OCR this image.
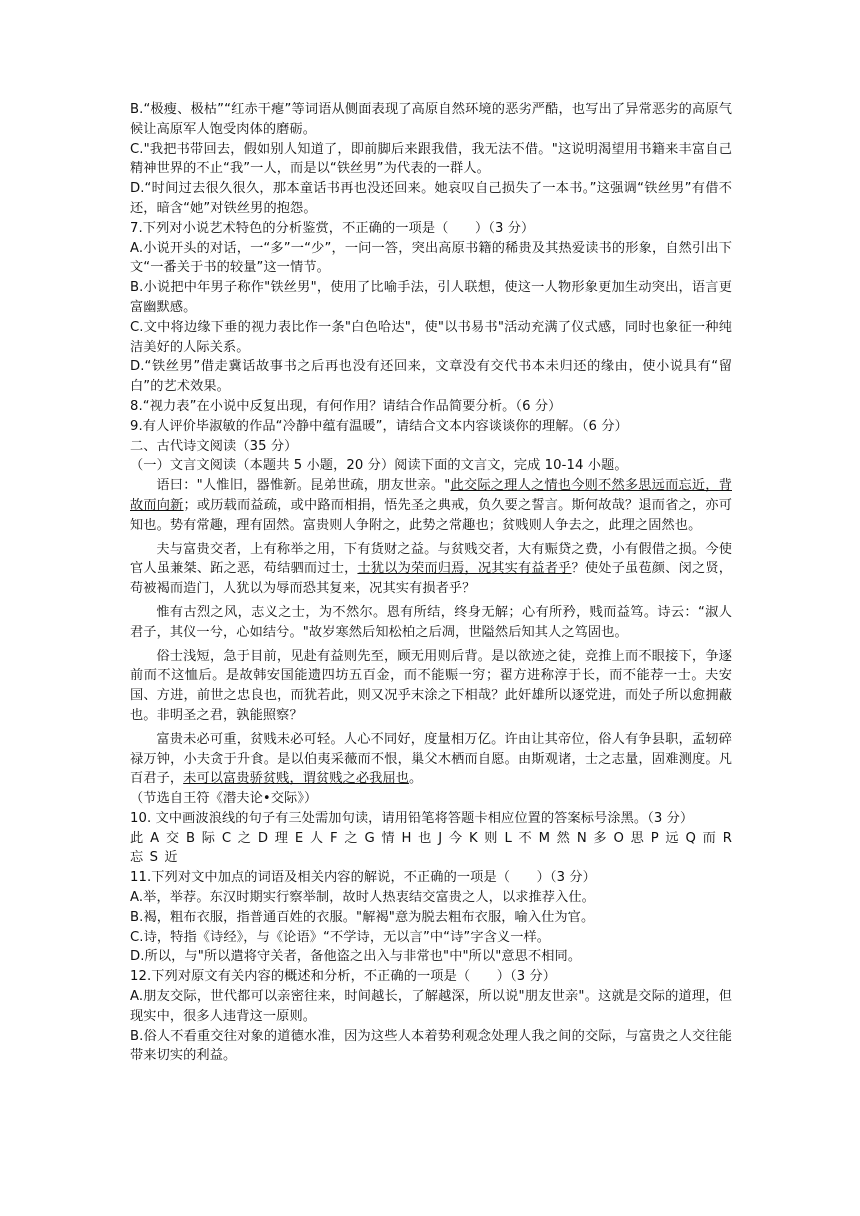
B.“极瘦、极枯”“红赤干瘪”等词语从侧面表现了高原自然环境的恶劣严酷，也写出了异常恶劣的高原气候让高原军人饱受肉体的磨砺。

C."我把书带回去，假如别人知道了，即前脚后来跟我借，我无法不借。"这说明渴望用书籍来丰富自己精神世界的不止“我”一人，而是以“铁丝男”为代表的一群人。

D.“时间过去很久很久，那本童话书再也没还回来。她哀叹自己损失了一本书。”这强调“铁丝男”有借不还，暗含“她”对铁丝男的抱怨。

7.下列对小说艺术特色的分析鉴赏，不正确的一项是（　　）（3 分）

A.小说开头的对话，一“多”一“少”，一问一答，突出高原书籍的稀贵及其热爱读书的形象，自然引出下文“一番关于书的较量”这一情节。

B.小说把中年男子称作"铁丝男"，使用了比喻手法，引人联想，使这一人物形象更加生动突出，语言更富幽默感。

C.文中将边缘下垂的视力表比作一条"白色哈达"，使"以书易书"活动充满了仪式感，同时也象征一种纯洁美好的人际关系。

D.“铁丝男”借走冀话故事书之后再也没有还回来，文章没有交代书本未归还的缘由，使小说具有“留白”的艺术效果。

8.“视力表”在小说中反复出现，有何作用？请结合作品简要分析。（6 分）

9.有人评价毕淑敏的作品“冷静中蕴有温暖”，请结合文本内容谈谈你的理解。（6 分）

二、古代诗文阅读（35 分）

（一）文言文阅读（本题共 5 小题，20 分）阅读下面的文言文，完成 10-14 小题。

语曰："人惟旧，器惟新。昆弟世疏，朋友世亲。"此交际之理人之情也今则不然多思远而忘近，背故而向新；或历载而益疏，或中路而相捐，悟先圣之典戒，负久要之誓言。斯何故哉？退而省之，亦可知也。势有常趣，理有固然。富贵则人争附之，此势之常趣也；贫贱则人争去之，此理之固然也。

夫与富贵交者，上有称举之用，下有货财之益。与贫贱交者，大有赈贷之费，小有假借之损。今使官人虽兼桀、跖之恶，苟结驷而过士，士犹以为荣而归焉，况其实有益者乎？使处子虽苞颜、闵之贤，苟被褐而造门，人犹以为辱而恐其复来，况其实有损者乎？

惟有古烈之风，志义之士，为不然尔。恩有所结，终身无解；心有所矜，贱而益笃。诗云：“淑人君子，其仪一兮，心如结兮。"故岁寒然后知松柏之后凋，世隘然后知其人之笃固也。

俗士浅短，急于目前，见赴有益则先至，顾无用则后背。是以欲迹之徒，竞推上而不眼接下，争逐前而不这恤后。是故韩安国能遗四坊五百金，而不能赈一穷；翟方进称淳于长，而不能荐一士。夫安国、方进，前世之忠良也，而犹若此，则又况乎末涂之下相哉？此奸雄所以逐党进，而处子所以愈拥蔽也。非明圣之君，孰能照察？

富贵未必可重，贫贱未必可轻。人心不同好，度量相万亿。许由让其帝位，俗人有争县职，孟轫碎禄万钟，小夫贪于升食。是以伯夷采薇而不恨，巢父木栖而自愿。由斯观诸，士之志量，固难测度。凡百君子，未可以富贵骄贫贱，谓贫贱之必我屈也。

（节选自王符《潜夫论•交际》）

10. 文中画波浪线的句子有三处需加句读，请用铅笔将答题卡相应位置的答案标号涂黑。（3 分）

此 A 交 B 际 C 之 D 理 E 人 F 之 G 情 H 也 J 今 K 则 L 不 M 然 N 多 O 思 P 远 Q 而 R 忘 S 近

11.下列对文中加点的词语及相关内容的解说，不正确的一项是（　　）（3 分）

A.举，举荐。东汉时期实行察举制，故时人热衷结交富贵之人，以求推荐入仕。

B.褐，粗布衣服，指普通百姓的衣服。"解褐"意为脱去粗布衣服，喻入仕为官。

C.诗，特指《诗经》，与《论语》“不学诗，无以言”中“诗”字含义一样。

D.所以，与"所以遣将守关者，备他盗之出入与非常也"中"所以"意思不相同。

12.下列对原文有关内容的概述和分析，不正确的一项是（　　）（3 分）

A.朋友交际，世代都可以亲密往来，时间越长，了解越深，所以说"朋友世亲"。这就是交际的道理，但现实中，很多人违背这一原则。

B.俗人不看重交往对象的道德水准，因为这些人本着势利观念处理人我之间的交际，与富贵之人交往能带来切实的利益。
